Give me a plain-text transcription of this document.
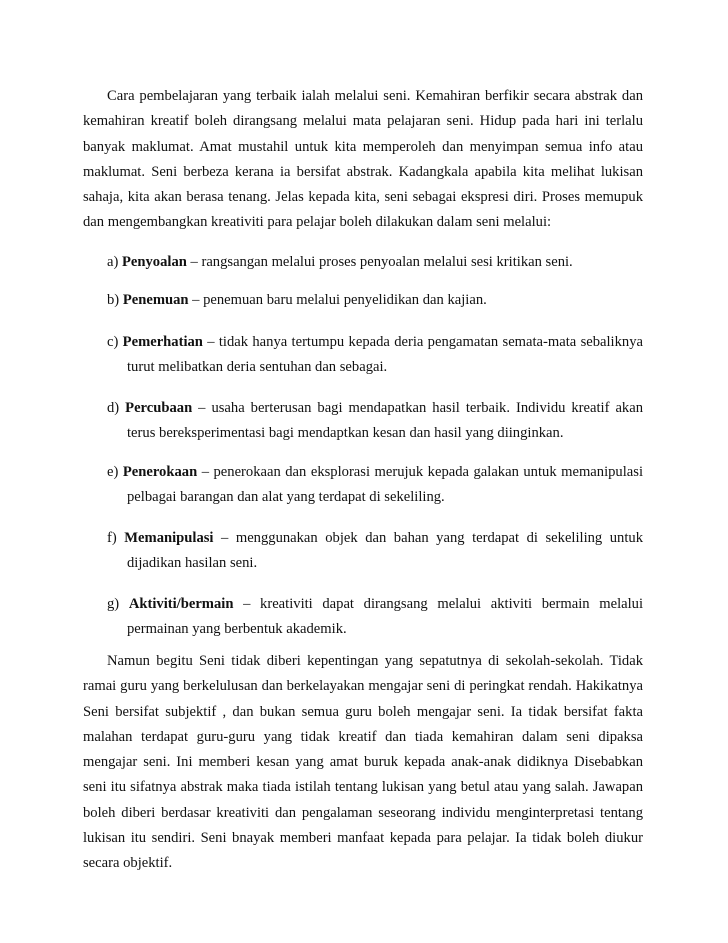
Cara pembelajaran yang terbaik ialah melalui seni. Kemahiran berfikir secara abstrak dan kemahiran kreatif boleh dirangsang melalui mata pelajaran seni. Hidup pada hari ini terlalu banyak maklumat. Amat mustahil untuk kita memperoleh dan menyimpan semua info atau maklumat. Seni berbeza kerana ia bersifat abstrak. Kadangkala apabila kita melihat lukisan sahaja, kita akan berasa tenang. Jelas kepada kita, seni sebagai ekspresi diri. Proses memupuk dan mengembangkan kreativiti para pelajar boleh dilakukan dalam seni melalui:

a) Penyoalan – rangsangan melalui proses penyoalan melalui sesi kritikan seni.

b) Penemuan – penemuan baru melalui penyelidikan dan kajian.

c) Pemerhatian – tidak hanya tertumpu kepada deria pengamatan semata-mata sebaliknya turut melibatkan deria sentuhan dan sebagai.

d) Percubaan – usaha berterusan bagi mendapatkan hasil terbaik. Individu kreatif akan terus bereksperimentasi bagi mendaptkan kesan dan hasil yang diinginkan.

e) Penerokaan – penerokaan dan eksplorasi merujuk kepada galakan untuk memanipulasi pelbagai barangan dan alat yang terdapat di sekeliling.

f) Memanipulasi – menggunakan objek dan bahan yang terdapat di sekeliling untuk dijadikan hasilan seni.

g) Aktiviti/bermain – kreativiti dapat dirangsang melalui aktiviti bermain melalui permainan yang berbentuk akademik.

Namun begitu Seni tidak diberi kepentingan yang sepatutnya di sekolah-sekolah. Tidak ramai guru yang berkelulusan dan berkelayakan mengajar seni di peringkat rendah. Hakikatnya Seni bersifat subjektif , dan bukan semua guru boleh mengajar seni. Ia tidak bersifat fakta malahan terdapat guru-guru yang tidak kreatif dan tiada kemahiran dalam seni dipaksa mengajar seni. Ini memberi kesan yang amat buruk kepada anak-anak didiknya Disebabkan seni itu sifatnya abstrak maka tiada istilah tentang lukisan yang betul atau yang salah. Jawapan boleh diberi berdasar kreativiti dan pengalaman seseorang individu menginterpretasi tentang lukisan itu sendiri. Seni bnayak memberi manfaat kepada para pelajar. Ia tidak boleh diukur secara objektif.
